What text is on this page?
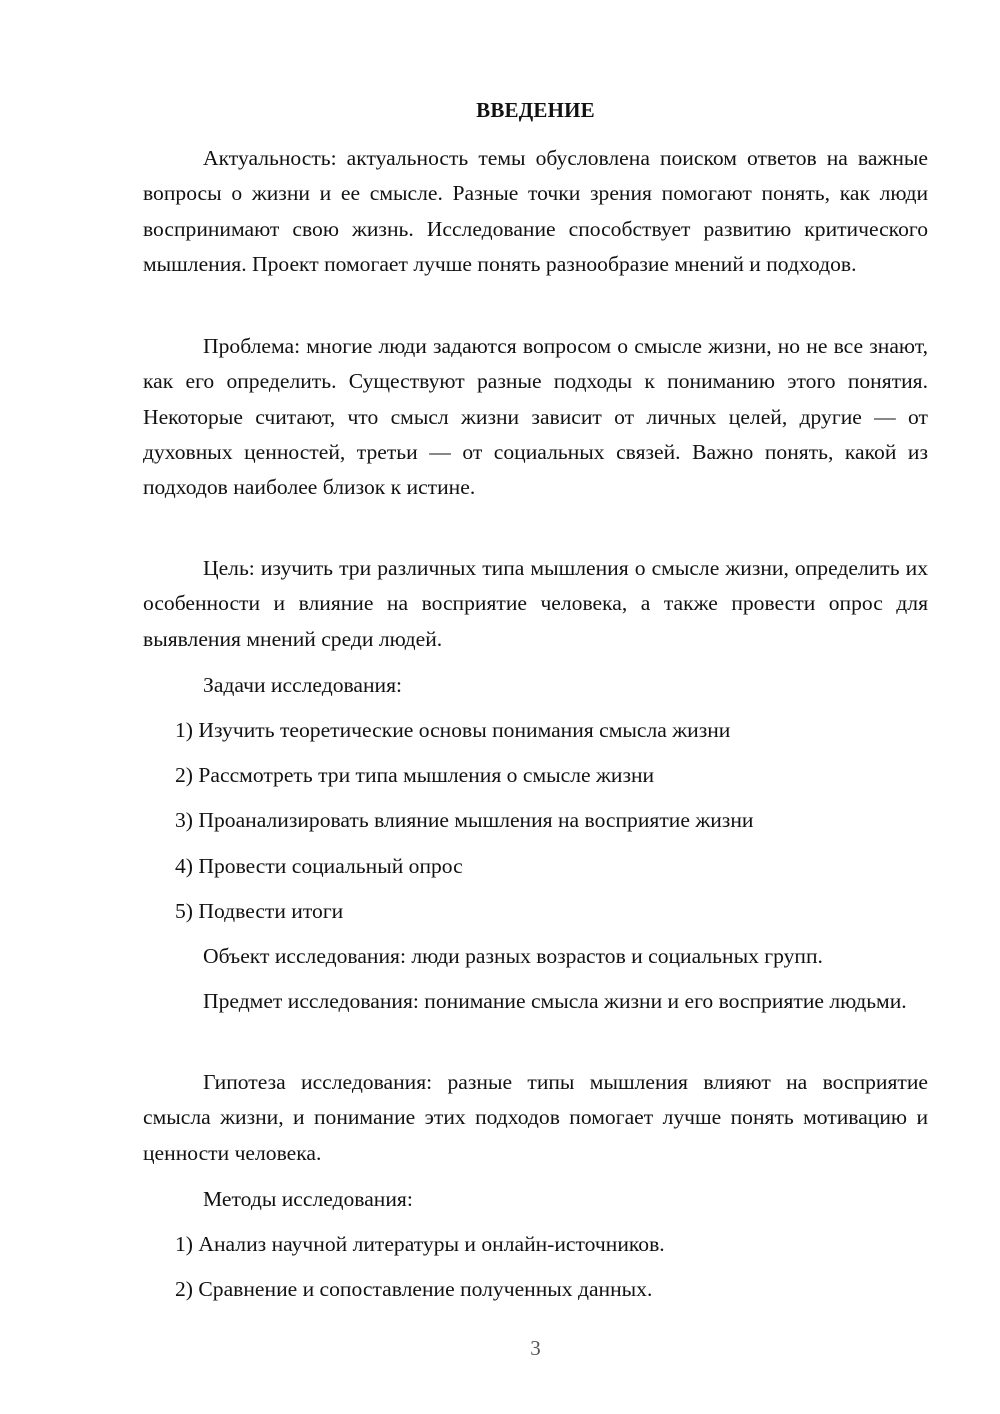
ВВЕДЕНИЕ

Актуальность: актуальность темы обусловлена поиском ответов на важные вопросы о жизни и ее смысле. Разные точки зрения помогают понять, как люди воспринимают свою жизнь. Исследование способствует развитию критического мышления. Проект помогает лучше понять разнообразие мнений и подходов.

Проблема: многие люди задаются вопросом о смысле жизни, но не все знают, как его определить. Существуют разные подходы к пониманию этого понятия. Некоторые считают, что смысл жизни зависит от личных целей, другие — от духовных ценностей, третьи — от социальных связей. Важно понять, какой из подходов наиболее близок к истине.

Цель: изучить три различных типа мышления о смысле жизни, определить их особенности и влияние на восприятие человека, а также провести опрос для выявления мнений среди людей.

Задачи исследования:
1) Изучить теоретические основы понимания смысла жизни
2) Рассмотреть три типа мышления о смысле жизни
3) Проанализировать влияние мышления на восприятие жизни
4) Провести социальный опрос
5) Подвести итоги
Объект исследования: люди разных возрастов и социальных групп.

Предмет исследования: понимание смысла жизни и его восприятие людьми.

Гипотеза исследования: разные типы мышления влияют на восприятие смысла жизни, и понимание этих подходов помогает лучше понять мотивацию и ценности человека.

Методы исследования:
1) Анализ научной литературы и онлайн-источников.
2) Сравнение и сопоставление полученных данных.
3
